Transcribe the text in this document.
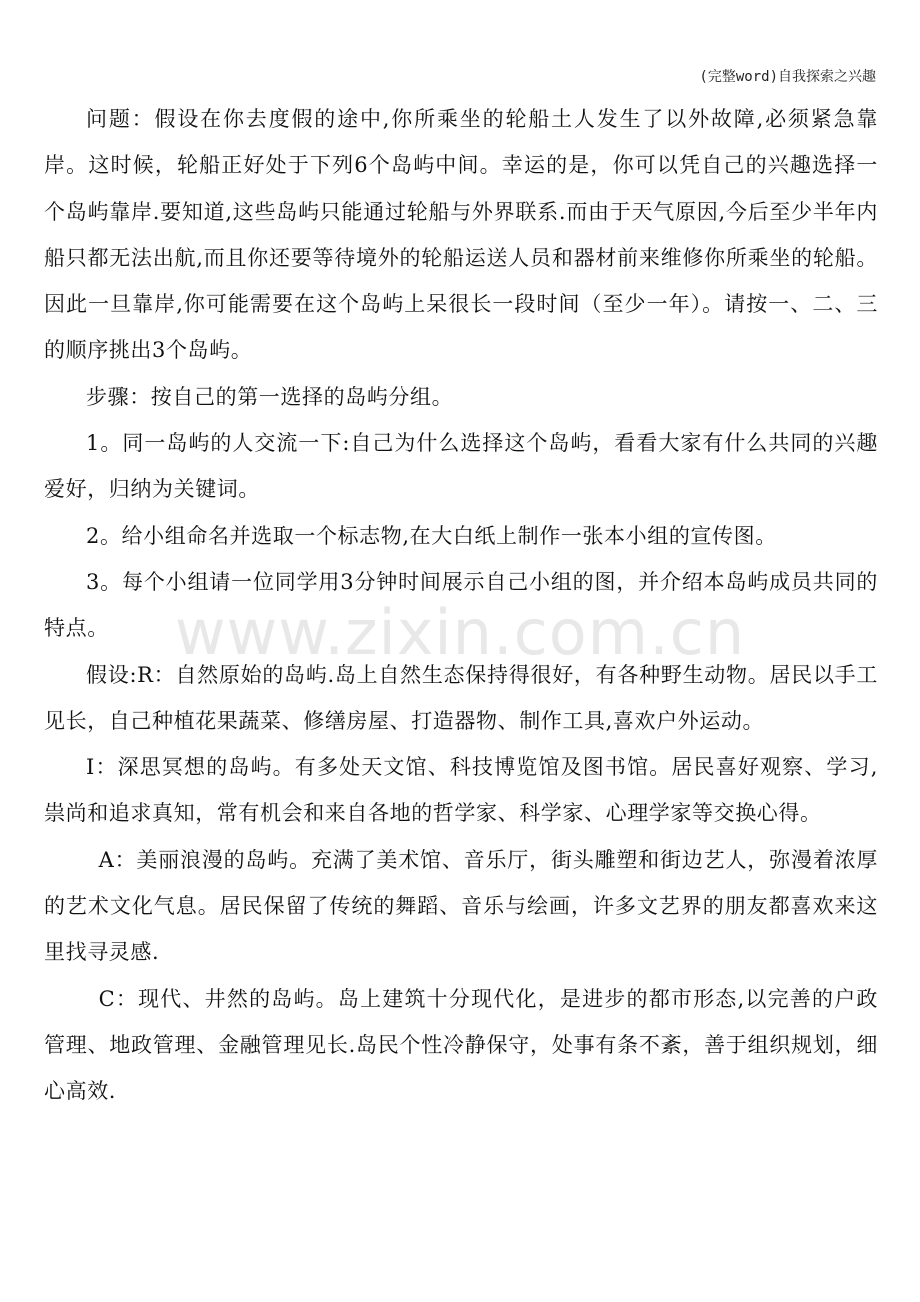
(完整word)自我探索之兴趣
www.zixin.com.cn

问题：假设在你去度假的途中,你所乘坐的轮船土人发生了以外故障,必须紧急靠岸。这时候，轮船正好处于下列6个岛屿中间。幸运的是，你可以凭自己的兴趣选择一个岛屿靠岸.要知道,这些岛屿只能通过轮船与外界联系.而由于天气原因,今后至少半年内船只都无法出航,而且你还要等待境外的轮船运送人员和器材前来维修你所乘坐的轮船。因此一旦靠岸,你可能需要在这个岛屿上呆很长一段时间（至少一年）。请按一、二、三的顺序挑出3个岛屿。

步骤：按自己的第一选择的岛屿分组。

1。同一岛屿的人交流一下:自己为什么选择这个岛屿，看看大家有什么共同的兴趣爱好，归纳为关键词。

2。给小组命名并选取一个标志物,在大白纸上制作一张本小组的宣传图。

3。每个小组请一位同学用3分钟时间展示自己小组的图，并介绍本岛屿成员共同的特点。

假设:R：自然原始的岛屿.岛上自然生态保持得很好，有各种野生动物。居民以手工见长，自己种植花果蔬菜、修缮房屋、打造器物、制作工具,喜欢户外运动。

I：深思冥想的岛屿。有多处天文馆、科技博览馆及图书馆。居民喜好观察、学习,祟尚和追求真知，常有机会和来自各地的哲学家、科学家、心理学家等交换心得。

A：美丽浪漫的岛屿。充满了美术馆、音乐厅，街头雕塑和街边艺人，弥漫着浓厚的艺术文化气息。居民保留了传统的舞蹈、音乐与绘画，许多文艺界的朋友都喜欢来这里找寻灵感.

C：现代、井然的岛屿。岛上建筑十分现代化，是进步的都市形态,以完善的户政管理、地政管理、金融管理见长.岛民个性冷静保守，处事有条不紊，善于组织规划，细心高效.
